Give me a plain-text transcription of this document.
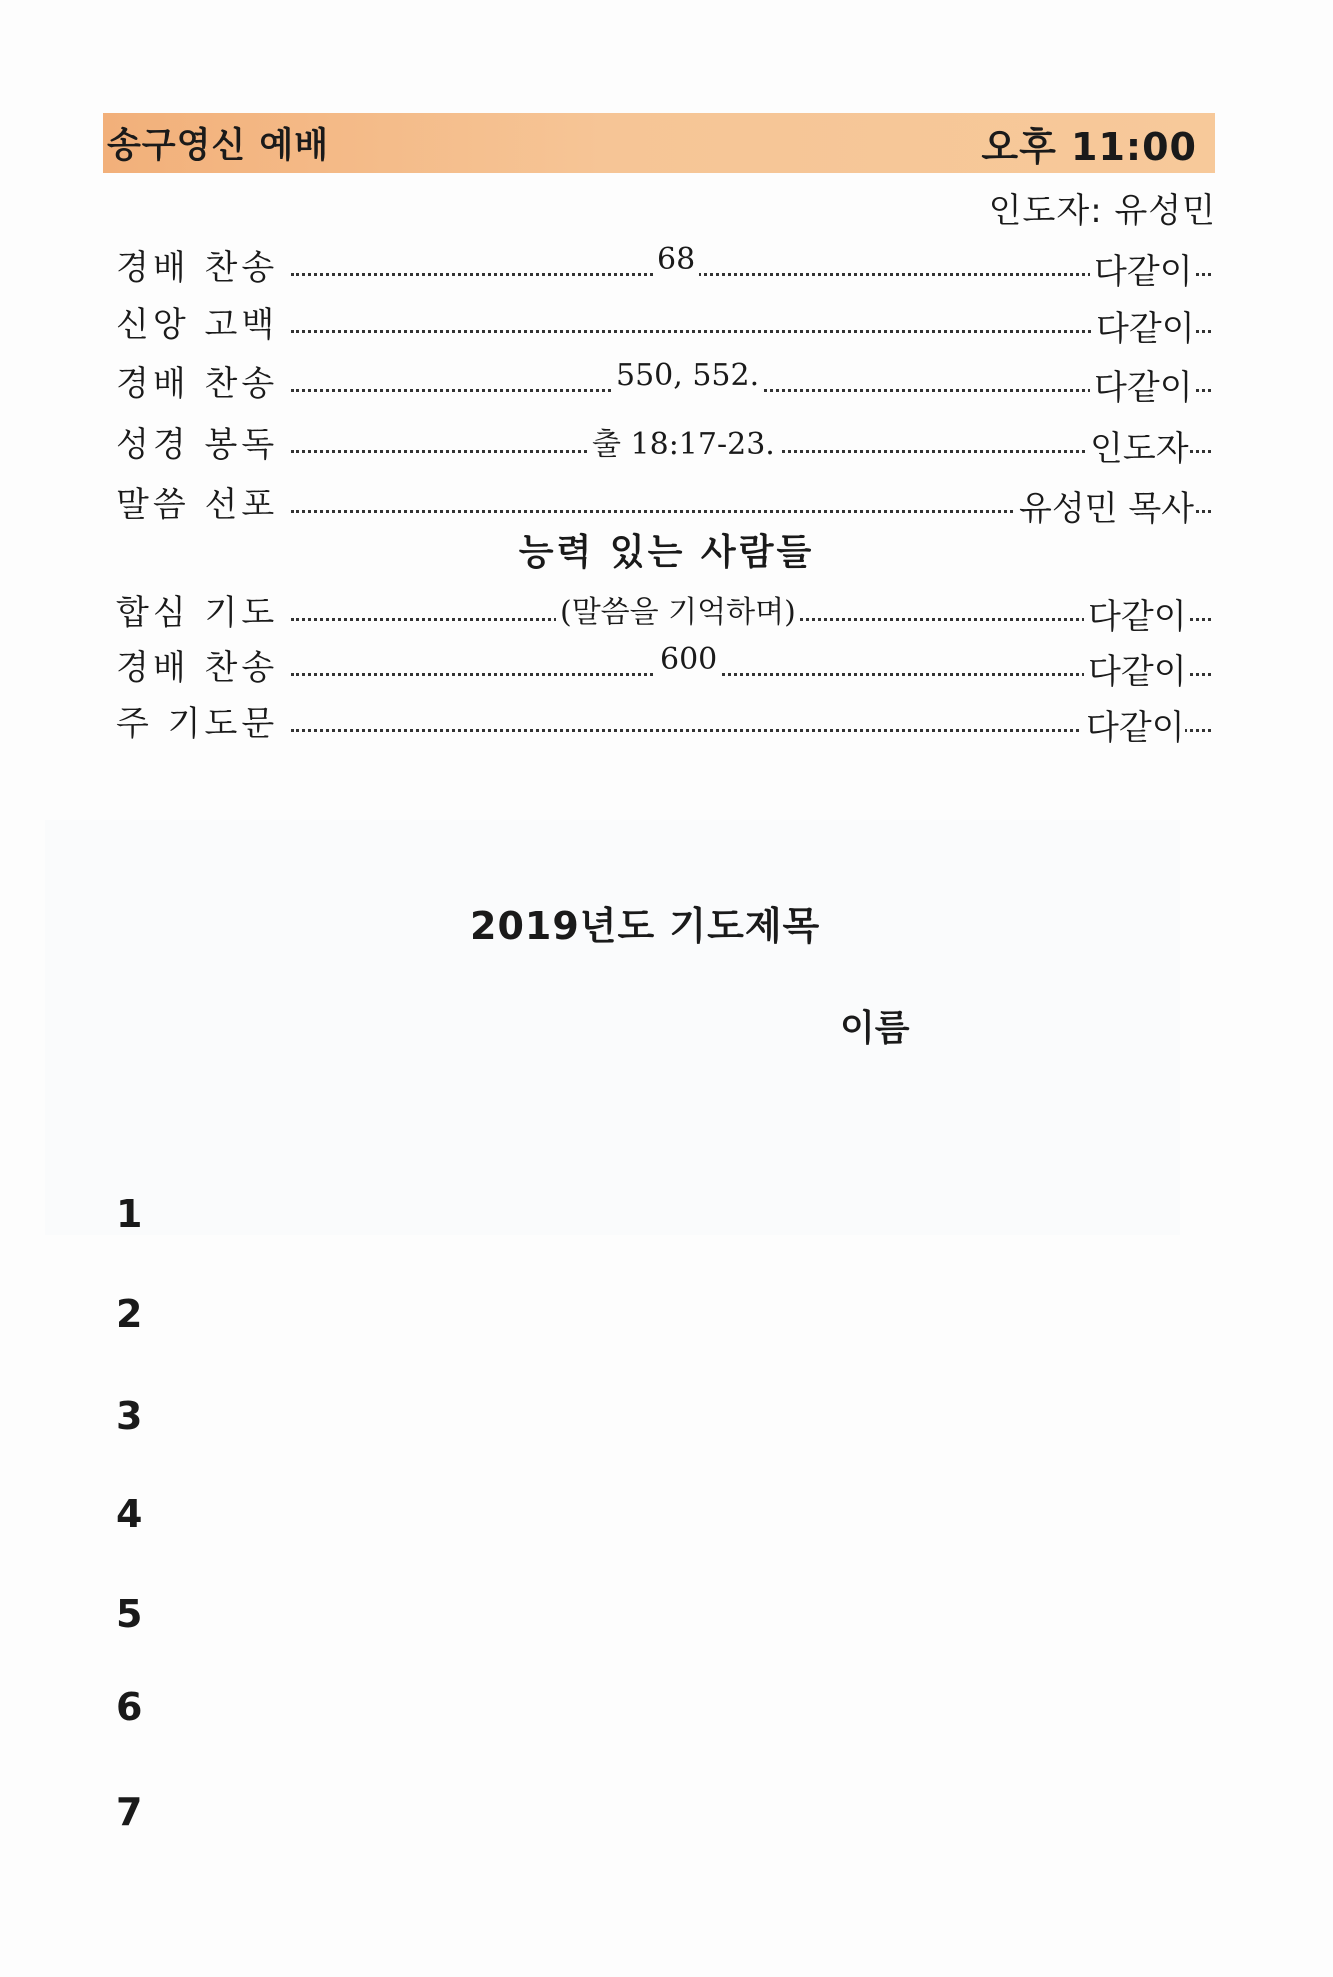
송구영신 예배	오후 11:00
인도자: 유성민
경배 찬송	68	다같이
신앙 고백	다같이
경배 찬송	550, 552.	다같이
성경 봉독	출 18:17-23.	인도자
말씀 선포	유성민 목사
능력 있는 사람들
합심 기도	(말씀을 기억하며)	다같이
경배 찬송	600	다같이
주 기도문	다같이
2019년도 기도제목
이름
1
2
3
4
5
6
7
